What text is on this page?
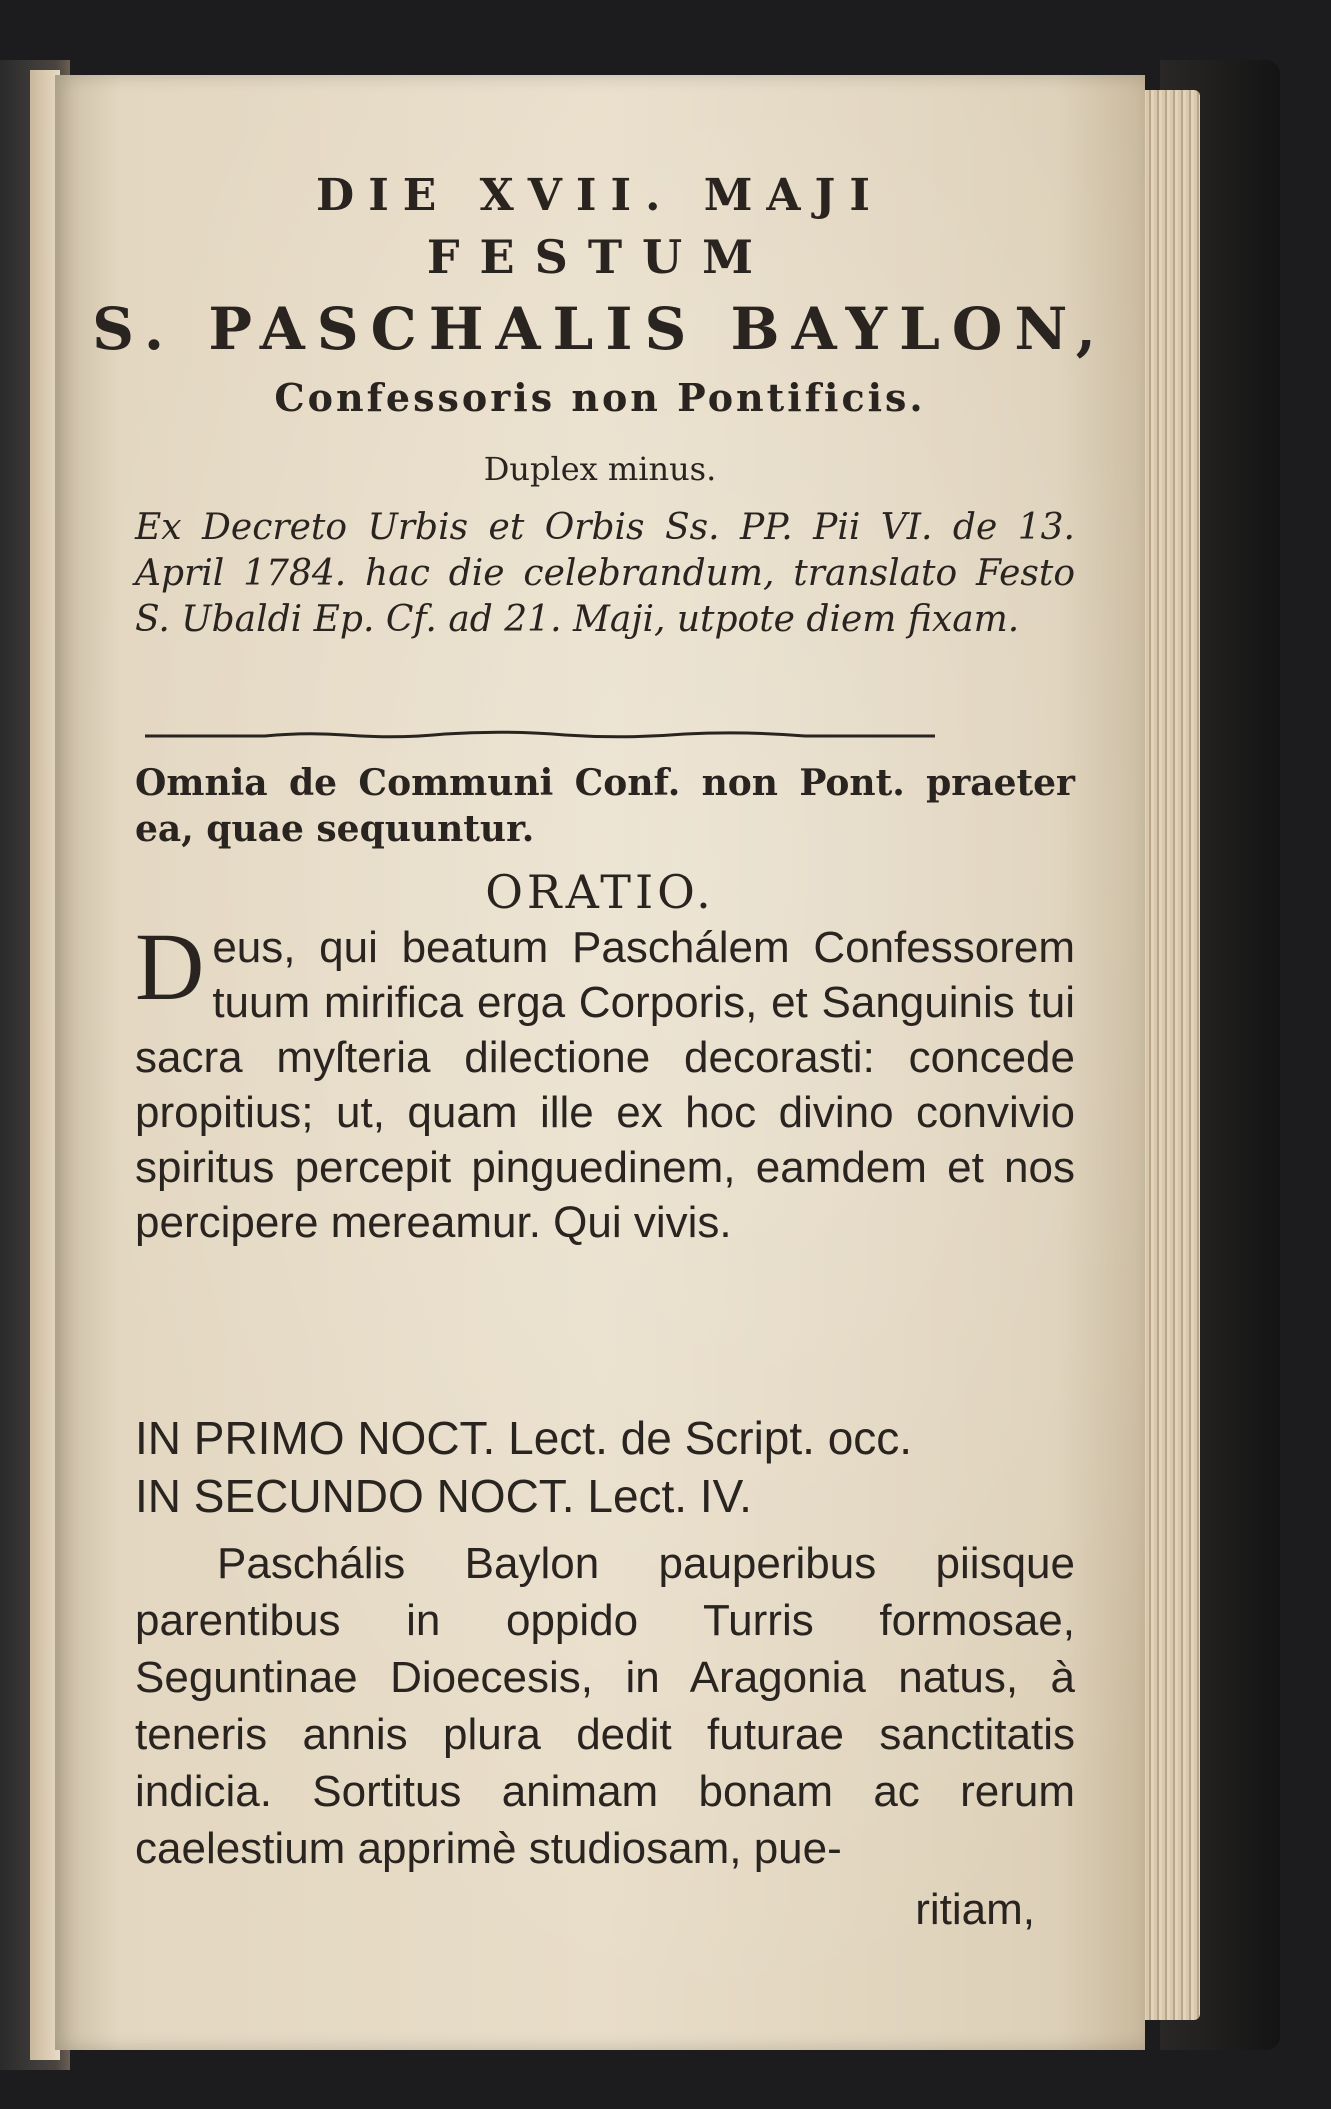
DIE XVII. MAJI
FESTUM
S. PASCHALIS BAYLON,
Confessoris non Pontificis.
Duplex minus.
Ex Decreto Urbis et Orbis Ss. PP. Pii VI. de 13. April 1784. hac die celebrandum, translato Festo S. Ubaldi Ep. Cf. ad 21. Maji, utpote diem fixam.
Omnia de Communi Conf. non Pont. praeter ea, quae sequuntur.
ORATIO.
Deus, qui beatum Paschálem Confessorem tuum mirifica erga Corporis, et Sanguinis tui sacra myſteria dilectione decorasti: concede propitius; ut, quam ille ex hoc divino convivio spiritus percepit pinguedinem, eamdem et nos percipere mereamur. Qui vivis.
IN PRIMO NOCT. Lect. de Script. occ.
IN SECUNDO NOCT. Lect. IV.
Paschális Baylon pauperibus piisque parentibus in oppido Turris formosae, Seguntinae Dioecesis, in Aragonia natus, à teneris annis plura dedit futurae sanctitatis indicia. Sortitus animam bonam ac rerum caelestium apprimè studiosam, pue-
ritiam,
